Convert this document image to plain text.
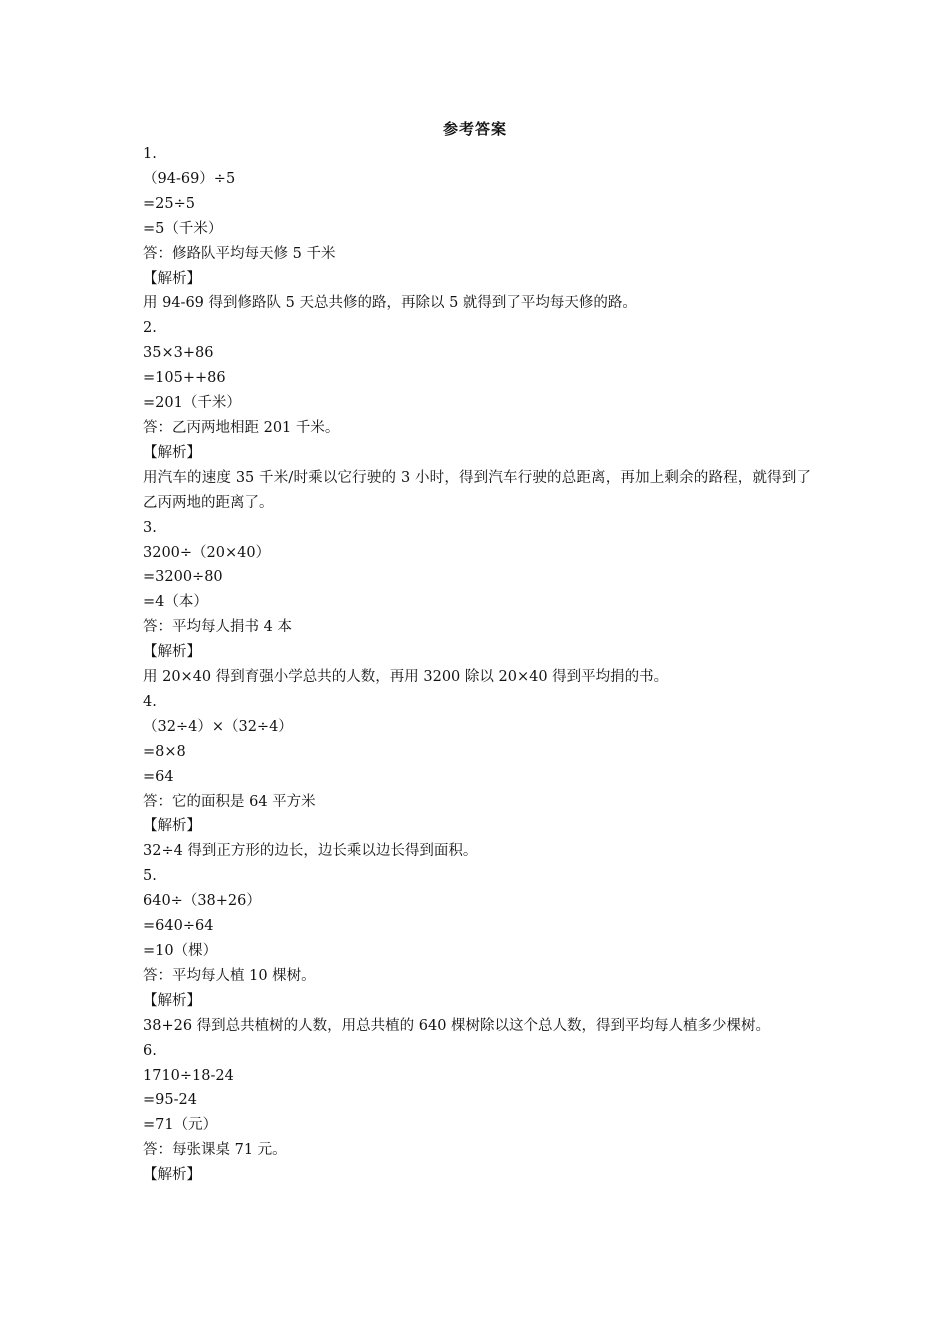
参考答案

1.

（94-69）÷5

=25÷5

=5（千米）

答：修路队平均每天修 5 千米

【解析】

用 94-69 得到修路队 5 天总共修的路，再除以 5 就得到了平均每天修的路。

2.

35×3+86

=105++86

=201（千米）

答：乙丙两地相距 201 千米。

【解析】

用汽车的速度 35 千米/时乘以它行驶的 3 小时，得到汽车行驶的总距离，再加上剩余的路程，就得到了乙丙两地的距离了。

3.

3200÷（20×40）

=3200÷80

=4（本）

答：平均每人捐书 4 本

【解析】

用 20×40 得到育强小学总共的人数，再用 3200 除以 20×40 得到平均捐的书。

4.

（32÷4）×（32÷4）

=8×8

=64

答：它的面积是 64 平方米

【解析】

32÷4 得到正方形的边长，边长乘以边长得到面积。

5.

640÷（38+26）

=640÷64

=10（棵）

答：平均每人植 10 棵树。

【解析】

38+26 得到总共植树的人数，用总共植的 640 棵树除以这个总人数，得到平均每人植多少棵树。

6.

1710÷18-24

=95-24

=71（元）

答：每张课桌 71 元。

【解析】
